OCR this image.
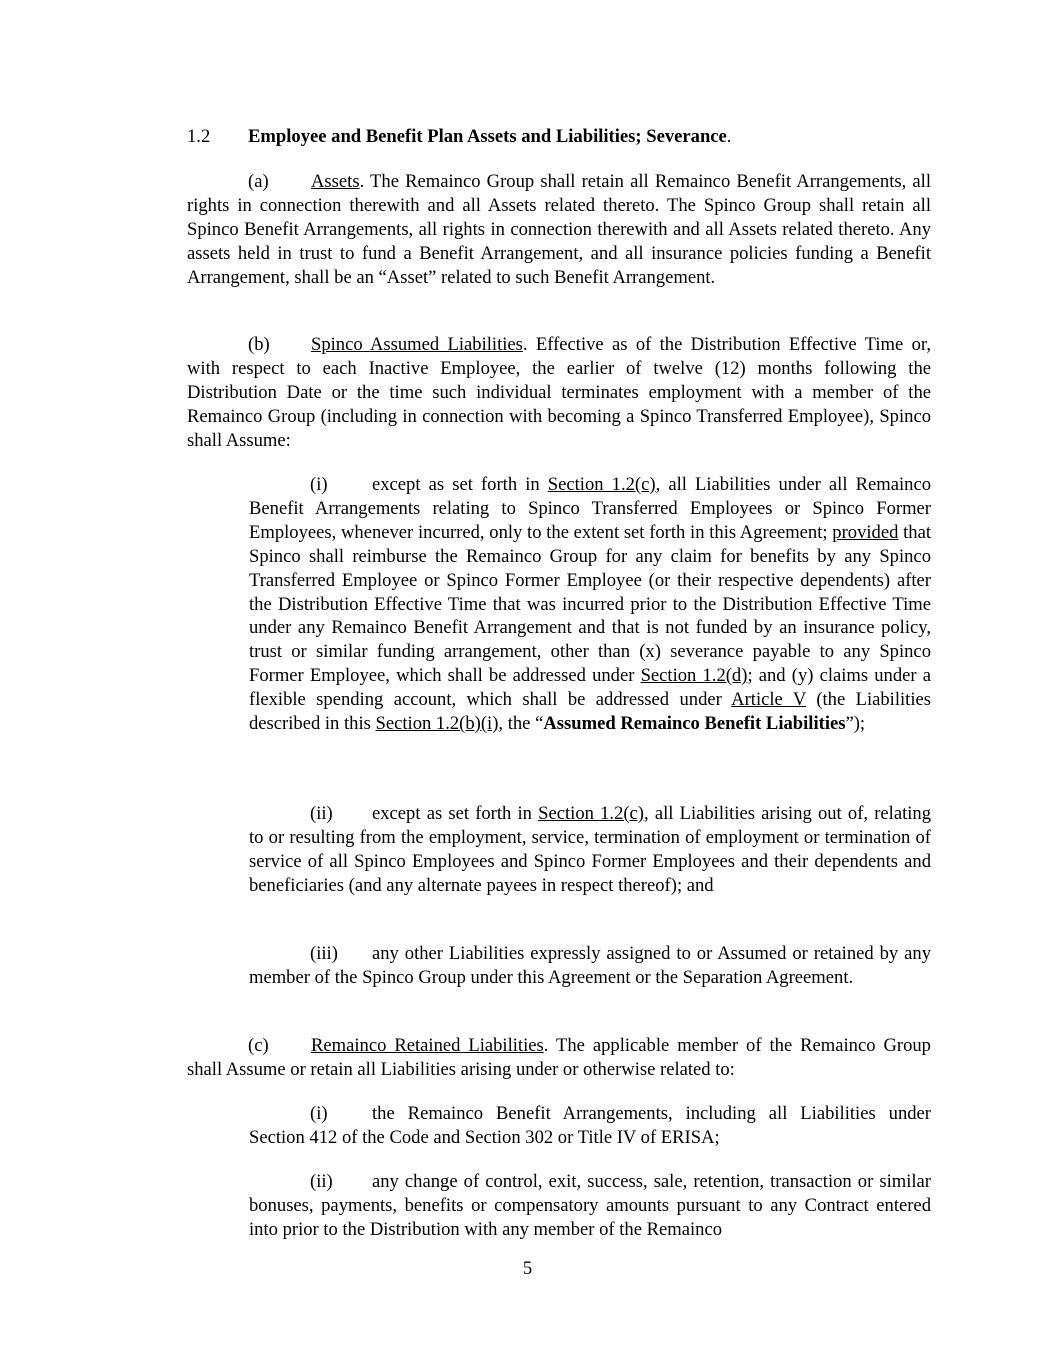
1.2 Employee and Benefit Plan Assets and Liabilities; Severance.
(a) Assets. The Remainco Group shall retain all Remainco Benefit Arrangements, all rights in connection therewith and all Assets related thereto. The Spinco Group shall retain all Spinco Benefit Arrangements, all rights in connection therewith and all Assets related thereto. Any assets held in trust to fund a Benefit Arrangement, and all insurance policies funding a Benefit Arrangement, shall be an “Asset” related to such Benefit Arrangement.
(b) Spinco Assumed Liabilities. Effective as of the Distribution Effective Time or, with respect to each Inactive Employee, the earlier of twelve (12) months following the Distribution Date or the time such individual terminates employment with a member of the Remainco Group (including in connection with becoming a Spinco Transferred Employee), Spinco shall Assume:
(i) except as set forth in Section 1.2(c), all Liabilities under all Remainco Benefit Arrangements relating to Spinco Transferred Employees or Spinco Former Employees, whenever incurred, only to the extent set forth in this Agreement; provided that Spinco shall reimburse the Remainco Group for any claim for benefits by any Spinco Transferred Employee or Spinco Former Employee (or their respective dependents) after the Distribution Effective Time that was incurred prior to the Distribution Effective Time under any Remainco Benefit Arrangement and that is not funded by an insurance policy, trust or similar funding arrangement, other than (x) severance payable to any Spinco Former Employee, which shall be addressed under Section 1.2(d); and (y) claims under a flexible spending account, which shall be addressed under Article V (the Liabilities described in this Section 1.2(b)(i), the “Assumed Remainco Benefit Liabilities”);
(ii) except as set forth in Section 1.2(c), all Liabilities arising out of, relating to or resulting from the employment, service, termination of employment or termination of service of all Spinco Employees and Spinco Former Employees and their dependents and beneficiaries (and any alternate payees in respect thereof); and
(iii) any other Liabilities expressly assigned to or Assumed or retained by any member of the Spinco Group under this Agreement or the Separation Agreement.
(c) Remainco Retained Liabilities. The applicable member of the Remainco Group shall Assume or retain all Liabilities arising under or otherwise related to:
(i) the Remainco Benefit Arrangements, including all Liabilities under Section 412 of the Code and Section 302 or Title IV of ERISA;
(ii) any change of control, exit, success, sale, retention, transaction or similar bonuses, payments, benefits or compensatory amounts pursuant to any Contract entered into prior to the Distribution with any member of the Remainco
5
